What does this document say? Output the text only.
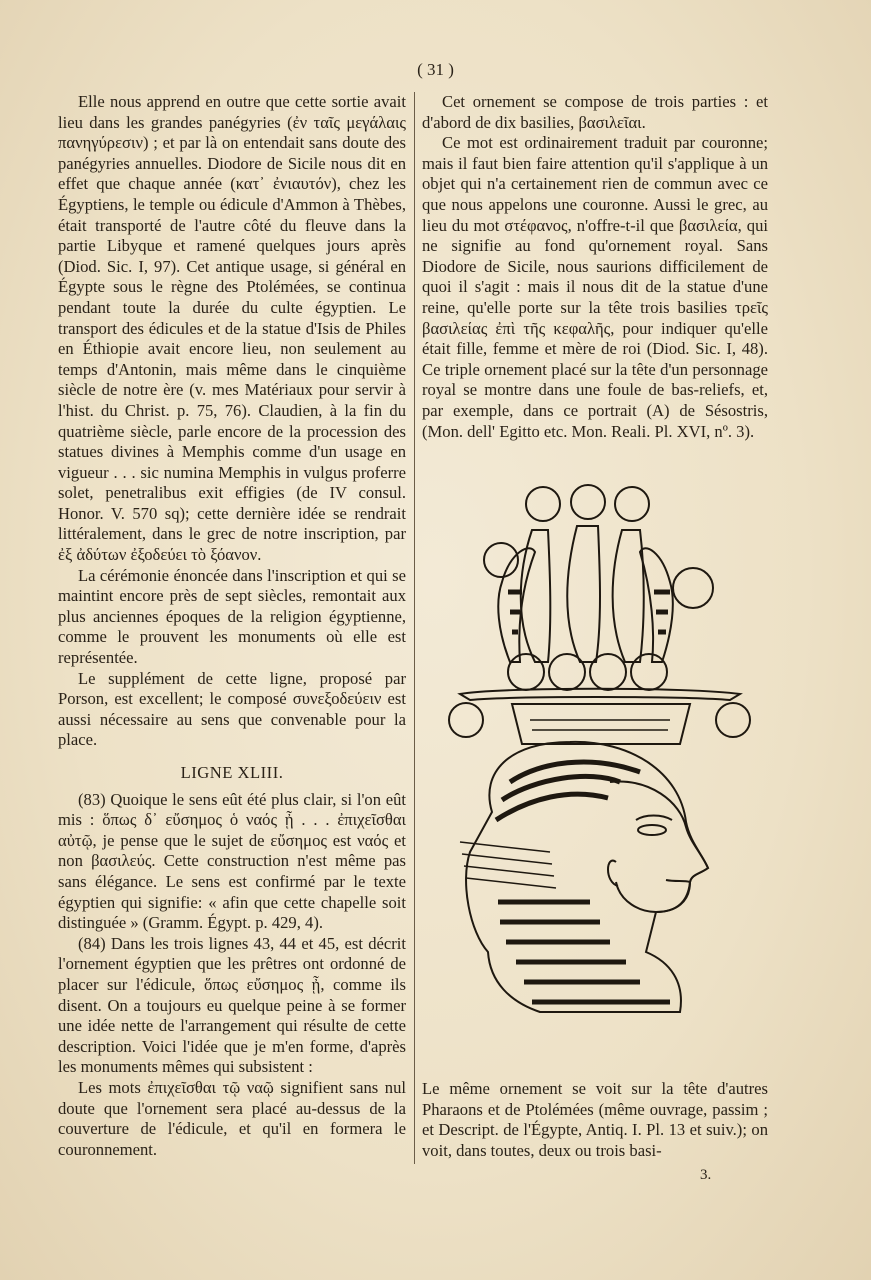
( 31 )

Elle nous apprend en outre que cette sortie avait lieu dans les grandes panégyries (ἐν ταῖς μεγάλαις πανηγύρεσιν) ; et par là on entendait sans doute des panégyries annuelles. Diodore de Sicile nous dit en effet que chaque année (κατ᾽ ἐνιαυτόν), chez les Égyptiens, le temple ou édicule d'Ammon à Thèbes, était transporté de l'autre côté du fleuve dans la partie Libyque et ramené quelques jours après (Diod. Sic. I, 97). Cet antique usage, si général en Égypte sous le règne des Ptolémées, se continua pendant toute la durée du culte égyptien. Le transport des édicules et de la statue d'Isis de Philes en Éthiopie avait encore lieu, non seulement au temps d'Antonin, mais même dans le cinquième siècle de notre ère (v. mes Matériaux pour servir à l'hist. du Christ. p. 75, 76). Claudien, à la fin du quatrième siècle, parle encore de la procession des statues divines à Memphis comme d'un usage en vigueur . . . sic numina Memphis in vulgus proferre solet, penetralibus exit effigies (de IV consul. Honor. V. 570 sq); cette dernière idée se rendrait littéralement, dans le grec de notre inscription, par ἐξ ἀδύτων ἐξοδεύει τὸ ξόανον.

La cérémonie énoncée dans l'inscription et qui se maintint encore près de sept siècles, remontait aux plus anciennes époques de la religion égyptienne, comme le prouvent les monuments où elle est représentée.

Le supplément de cette ligne, proposé par Porson, est excellent; le composé συνεξοδεύειν est aussi nécessaire au sens que convenable pour la place.

LIGNE XLIII.

(83) Quoique le sens eût été plus clair, si l'on eût mis : ὅπως δ᾽ εὔσημος ὁ ναός ᾖ . . . ἐπιχεῖσθαι αὐτῷ, je pense que le sujet de εὔσημος est ναός et non βασιλεύς. Cette construction n'est même pas sans élégance. Le sens est confirmé par le texte égyptien qui signifie: « afin que cette chapelle soit distinguée » (Gramm. Égypt. p. 429, 4).

(84) Dans les trois lignes 43, 44 et 45, est décrit l'ornement égyptien que les prêtres ont ordonné de placer sur l'édicule, ὅπως εὔσημος ᾖ, comme ils disent. On a toujours eu quelque peine à se former une idée nette de l'arrangement qui résulte de cette description. Voici l'idée que je m'en forme, d'après les monuments mêmes qui subsistent :

Les mots ἐπιχεῖσθαι τῷ ναῷ signifient sans nul doute que l'ornement sera placé au-dessus de la couverture de l'édicule, et qu'il en formera le couronnement.

Cet ornement se compose de trois parties : et d'abord de dix basilies, βασιλεῖαι.

Ce mot est ordinairement traduit par couronne; mais il faut bien faire attention qu'il s'applique à un objet qui n'a certainement rien de commun avec ce que nous appelons une couronne. Aussi le grec, au lieu du mot στέφανος, n'offre-t-il que βασιλεία, qui ne signifie au fond qu'ornement royal. Sans Diodore de Sicile, nous saurions difficilement de quoi il s'agit : mais il nous dit de la statue d'une reine, qu'elle porte sur la tête trois basilies τρεῖς βασιλείας ἐπὶ τῆς κεφαλῆς, pour indiquer qu'elle était fille, femme et mère de roi (Diod. Sic. I, 48). Ce triple ornement placé sur la tête d'un personnage royal se montre dans une foule de bas-reliefs, et, par exemple, dans ce portrait (A) de Sésostris, (Mon. dell' Egitto etc. Mon. Reali. Pl. XVI, nº. 3).

Le même ornement se voit sur la tête d'autres Pharaons et de Ptolémées (même ouvrage, passim ; et Descript. de l'Égypte, Antiq. I. Pl. 13 et suiv.); on voit, dans toutes, deux ou trois basi-
3.
